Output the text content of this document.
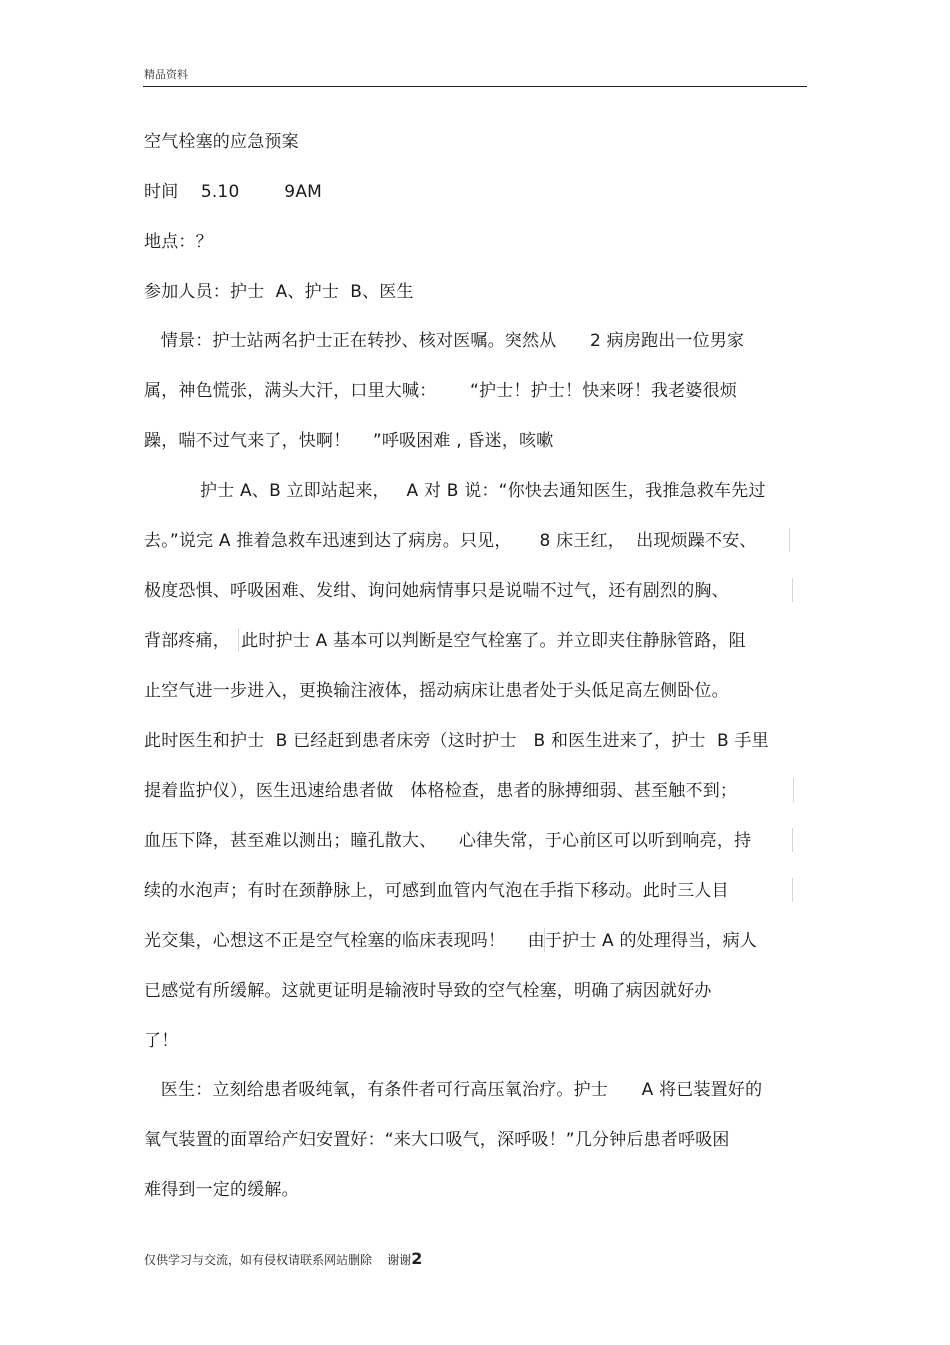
精品资料
空气栓塞的应急预案
时间    5.10        9AM
地点：？
参加人员：护士  A、护士  B、医生
情景：护士站两名护士正在转抄、核对医嘱。突然从      2 病房跑出一位男家
属，神色慌张，满头大汗，口里大喊：      “护士！护士！快来呀！我老婆很烦
躁，喘不过气来了，快啊！    ”呼吸困难 , 昏迷，咳嗽
护士 A、B 立即站起来，   A 对 B 说：“你快去通知医生，我推急救车先过
去。”说完 A 推着急救车迅速到达了病房。只见，     8 床王红，  出现烦躁不安、
极度恐惧、呼吸困难、发绀、询问她病情事只是说喘不过气，还有剧烈的胸、
背部疼痛，  此时护士 A 基本可以判断是空气栓塞了。并立即夹住静脉管路，阻
止空气进一步进入，更换输注液体，摇动病床让患者处于头低足高左侧卧位。
此时医生和护士  B 已经赶到患者床旁（这时护士   B 和医生进来了，护士  B 手里
提着监护仪），医生迅速给患者做   体格检查，患者的脉搏细弱、甚至触不到；
血压下降，甚至难以测出；瞳孔散大、    心律失常，于心前区可以听到响亮，持
续的水泡声；有时在颈静脉上，可感到血管内气泡在手指下移动。此时三人目
光交集，心想这不正是空气栓塞的临床表现吗！    由于护士 A 的处理得当，病人
已感觉有所缓解。这就更证明是输液时导致的空气栓塞，明确了病因就好办
了！
医生：立刻给患者吸纯氧，有条件者可行高压氧治疗。护士      A 将已装置好的
氧气装置的面罩给产妇安置好：“来大口吸气，深呼吸！”几分钟后患者呼吸困
难得到一定的缓解。
仅供学习与交流，如有侵权请联系网站删除    谢谢2
